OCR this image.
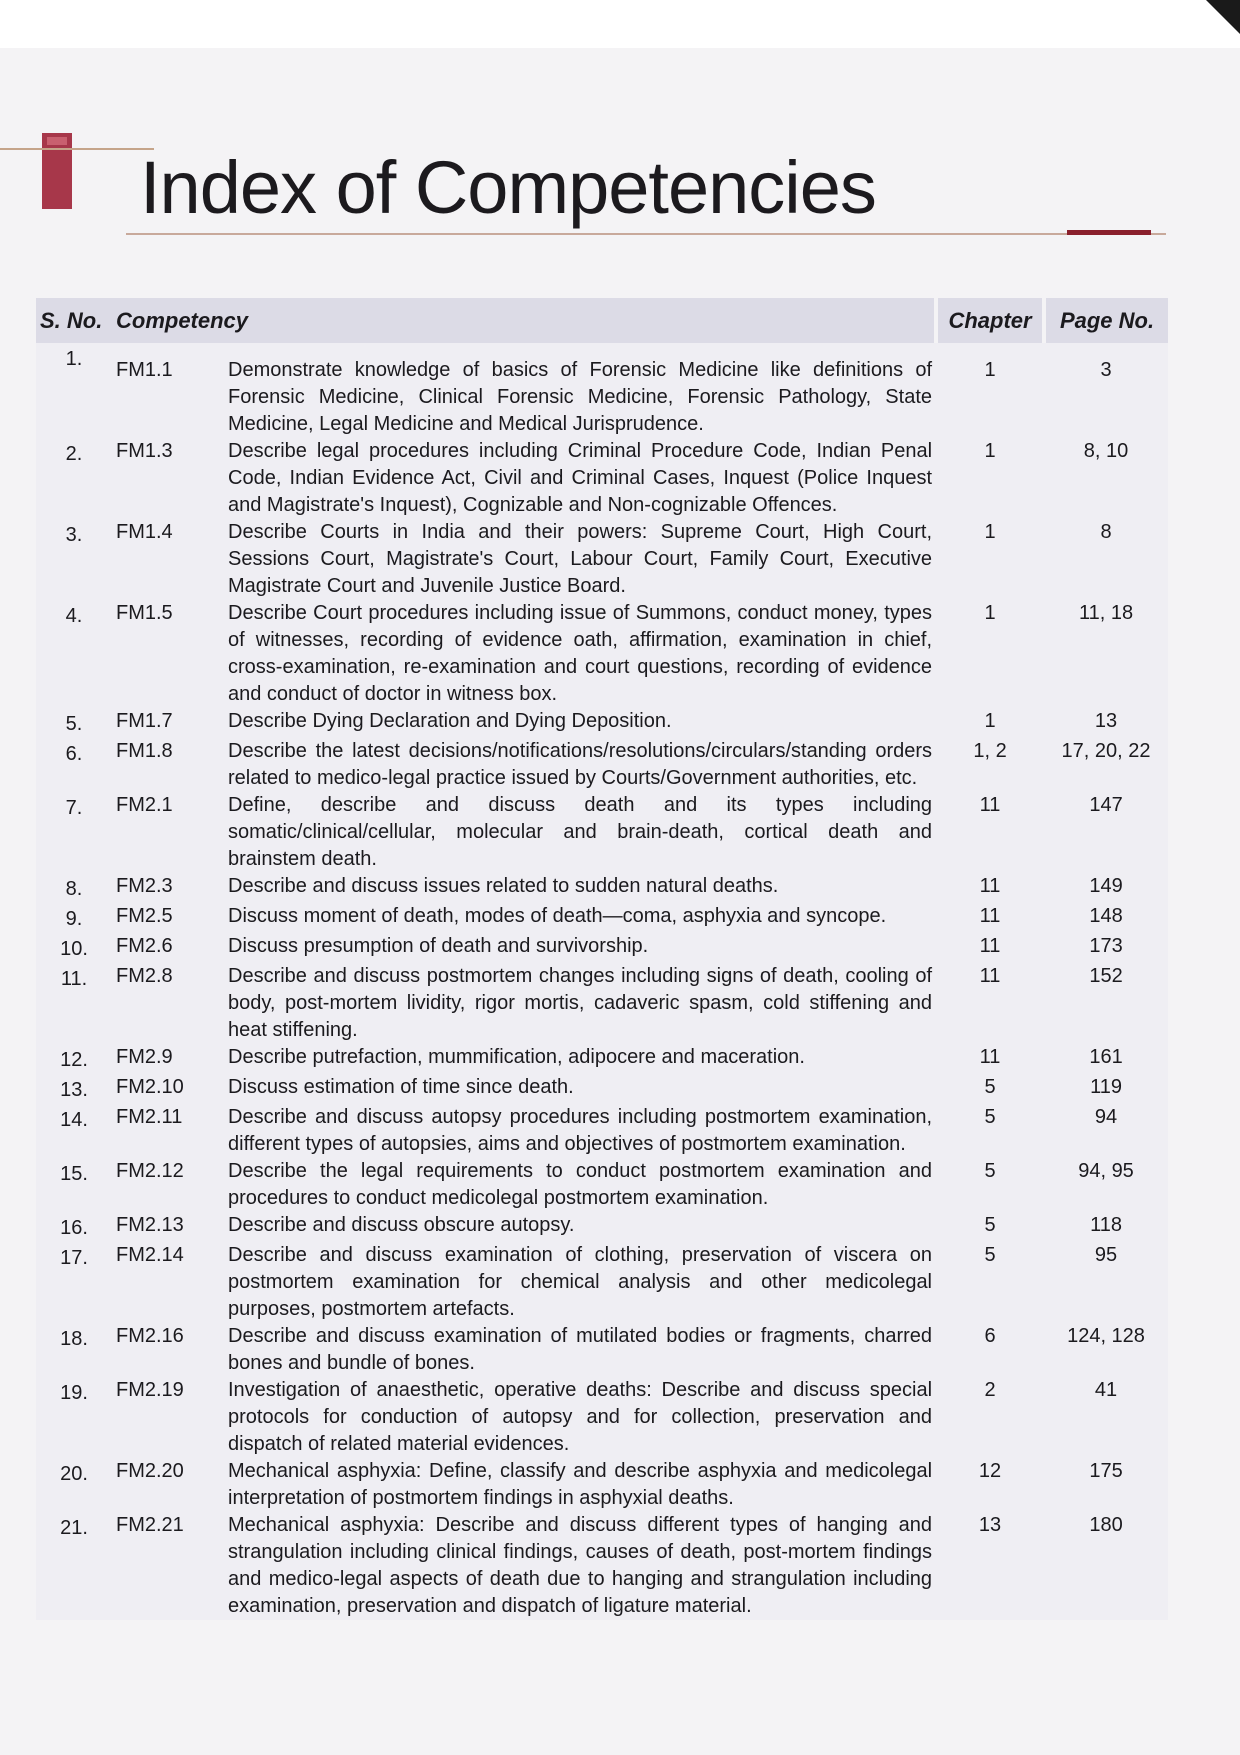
Index of Competencies
S. No.	Competency		Chapter	Page No.
1.	FM1.1	Demonstrate knowledge of basics of Forensic Medicine like definitions of Forensic Medicine, Clinical Forensic Medicine, Forensic Pathology, State Medicine, Legal Medicine and Medical Jurisprudence.	1	3
2.	FM1.3	Describe legal procedures including Criminal Procedure Code, Indian Penal Code, Indian Evidence Act, Civil and Criminal Cases, Inquest (Police Inquest and Magistrate's Inquest), Cognizable and Non-cognizable Offences.	1	8, 10
3.	FM1.4	Describe Courts in India and their powers: Supreme Court, High Court, Sessions Court, Magistrate's Court, Labour Court, Family Court, Executive Magistrate Court and Juvenile Justice Board.	1	8
4.	FM1.5	Describe Court procedures including issue of Summons, conduct money, types of witnesses, recording of evidence oath, affirmation, examination in chief, cross-examination, re-examination and court questions, recording of evidence and conduct of doctor in witness box.	1	11, 18
5.	FM1.7	Describe Dying Declaration and Dying Deposition.	1	13
6.	FM1.8	Describe the latest decisions/notifications/resolutions/circulars/standing orders related to medico-legal practice issued by Courts/Government authorities, etc.	1, 2	17, 20, 22
7.	FM2.1	Define, describe and discuss death and its types including somatic/clinical/cellular, molecular and brain-death, cortical death and brainstem death.	11	147
8.	FM2.3	Describe and discuss issues related to sudden natural deaths.	11	149
9.	FM2.5	Discuss moment of death, modes of death—coma, asphyxia and syncope.	11	148
10.	FM2.6	Discuss presumption of death and survivorship.	11	173
11.	FM2.8	Describe and discuss postmortem changes including signs of death, cooling of body, post-mortem lividity, rigor mortis, cadaveric spasm, cold stiffening and heat stiffening.	11	152
12.	FM2.9	Describe putrefaction, mummification, adipocere and maceration.	11	161
13.	FM2.10	Discuss estimation of time since death.	5	119
14.	FM2.11	Describe and discuss autopsy procedures including postmortem examination, different types of autopsies, aims and objectives of postmortem examination.	5	94
15.	FM2.12	Describe the legal requirements to conduct postmortem examination and procedures to conduct medicolegal postmortem examination.	5	94, 95
16.	FM2.13	Describe and discuss obscure autopsy.	5	118
17.	FM2.14	Describe and discuss examination of clothing, preservation of viscera on postmortem examination for chemical analysis and other medicolegal purposes, postmortem artefacts.	5	95
18.	FM2.16	Describe and discuss examination of mutilated bodies or fragments, charred bones and bundle of bones.	6	124, 128
19.	FM2.19	Investigation of anaesthetic, operative deaths: Describe and discuss special protocols for conduction of autopsy and for collection, preservation and dispatch of related material evidences.	2	41
20.	FM2.20	Mechanical asphyxia: Define, classify and describe asphyxia and medicolegal interpretation of postmortem findings in asphyxial deaths.	12	175
21.	FM2.21	Mechanical asphyxia: Describe and discuss different types of hanging and strangulation including clinical findings, causes of death, post-mortem findings and medico-legal aspects of death due to hanging and strangulation including examination, preservation and dispatch of ligature material.	13	180
